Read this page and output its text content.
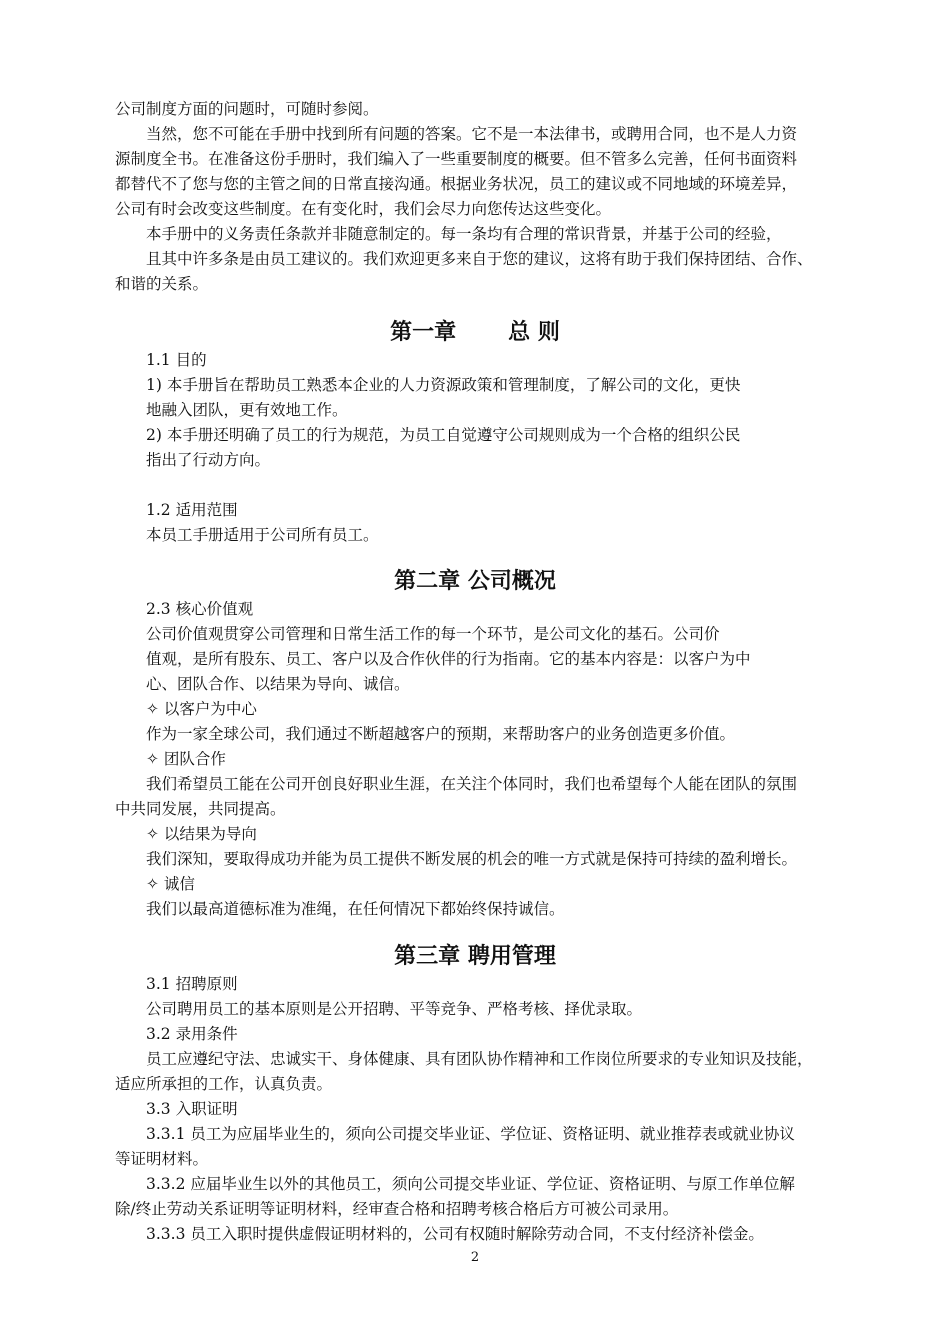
公司制度方面的问题时，可随时参阅。
当然，您不可能在手册中找到所有问题的答案。它不是一本法律书，或聘用合同，也不是人力资
源制度全书。在准备这份手册时，我们编入了一些重要制度的概要。但不管多么完善，任何书面资料
都替代不了您与您的主管之间的日常直接沟通。根据业务状况，员工的建议或不同地域的环境差异，
公司有时会改变这些制度。在有变化时，我们会尽力向您传达这些变化。
本手册中的义务责任条款并非随意制定的。每一条均有合理的常识背景，并基于公司的经验，
且其中许多条是由员工建议的。我们欢迎更多来自于您的建议，这将有助于我们保持团结、合作、
和谐的关系。
第一章 总 则
1.1 目的
1) 本手册旨在帮助员工熟悉本企业的人力资源政策和管理制度，了解公司的文化，更快
地融入团队，更有效地工作。
2) 本手册还明确了员工的行为规范，为员工自觉遵守公司规则成为一个合格的组织公民
指出了行动方向。
1.2 适用范围
本员工手册适用于公司所有员工。
第二章 公司概况
2.3 核心价值观
公司价值观贯穿公司管理和日常生活工作的每一个环节，是公司文化的基石。公司价
值观，是所有股东、员工、客户以及合作伙伴的行为指南。它的基本内容是：以客户为中
心、团队合作、以结果为导向、诚信。
✧ 以客户为中心
作为一家全球公司，我们通过不断超越客户的预期，来帮助客户的业务创造更多价值。
✧ 团队合作
我们希望员工能在公司开创良好职业生涯，在关注个体同时，我们也希望每个人能在团队的氛围
中共同发展，共同提高。
✧ 以结果为导向
我们深知，要取得成功并能为员工提供不断发展的机会的唯一方式就是保持可持续的盈利增长。
✧ 诚信
我们以最高道德标准为准绳，在任何情况下都始终保持诚信。
第三章 聘用管理
3.1 招聘原则
公司聘用员工的基本原则是公开招聘、平等竞争、严格考核、择优录取。
3.2 录用条件
员工应遵纪守法、忠诚实干、身体健康、具有团队协作精神和工作岗位所要求的专业知识及技能，
适应所承担的工作，认真负责。
3.3 入职证明
3.3.1 员工为应届毕业生的，须向公司提交毕业证、学位证、资格证明、就业推荐表或就业协议
等证明材料。
3.3.2 应届毕业生以外的其他员工，须向公司提交毕业证、学位证、资格证明、与原工作单位解
除/终止劳动关系证明等证明材料，经审查合格和招聘考核合格后方可被公司录用。
3.3.3 员工入职时提供虚假证明材料的，公司有权随时解除劳动合同，不支付经济补偿金。
2
